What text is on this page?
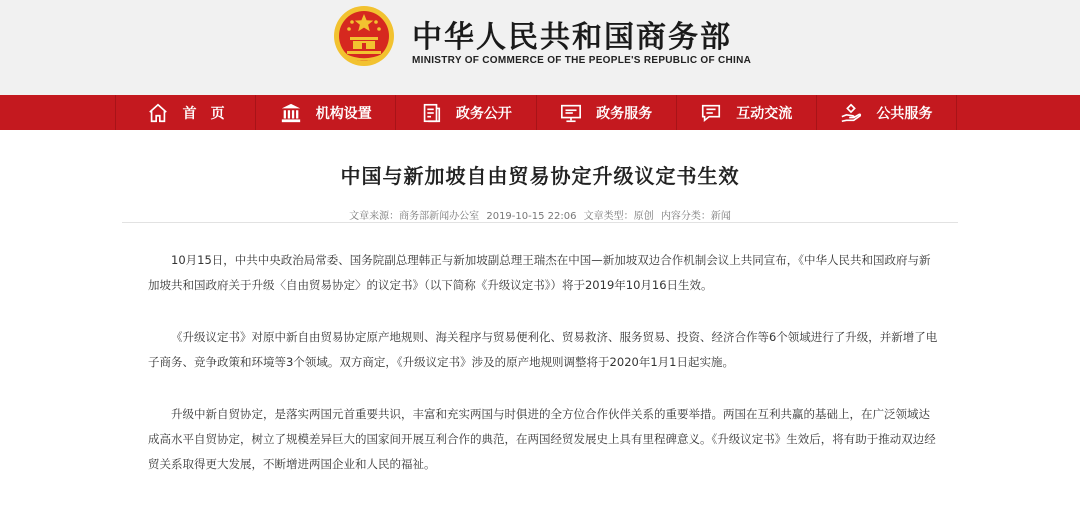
中华人民共和国商务部
MINISTRY OF COMMERCE OF THE PEOPLE'S REPUBLIC OF CHINA
首　页	机构设置	政务公开	政务服务	互动交流	公共服务
中国与新加坡自由贸易协定升级议定书生效
文章来源：商务部新闻办公室 2019-10-15 22:06 文章类型：原创 内容分类：新闻

10月15日，中共中央政治局常委、国务院副总理韩正与新加坡副总理王瑞杰在中国—新加坡双边合作机制会议上共同宣布，《中华人民共和国政府与新加坡共和国政府关于升级〈自由贸易协定〉的议定书》（以下简称《升级议定书》）将于2019年10月16日生效。

《升级议定书》对原中新自由贸易协定原产地规则、海关程序与贸易便利化、贸易救济、服务贸易、投资、经济合作等6个领域进行了升级，并新增了电子商务、竞争政策和环境等3个领域。双方商定，《升级议定书》涉及的原产地规则调整将于2020年1月1日起实施。

升级中新自贸协定，是落实两国元首重要共识，丰富和充实两国与时俱进的全方位合作伙伴关系的重要举措。两国在互利共赢的基础上，在广泛领域达成高水平自贸协定，树立了规模差异巨大的国家间开展互利合作的典范，在两国经贸发展史上具有里程碑意义。《升级议定书》生效后，将有助于推动双边经贸关系取得更大发展，不断增进两国企业和人民的福祉。
